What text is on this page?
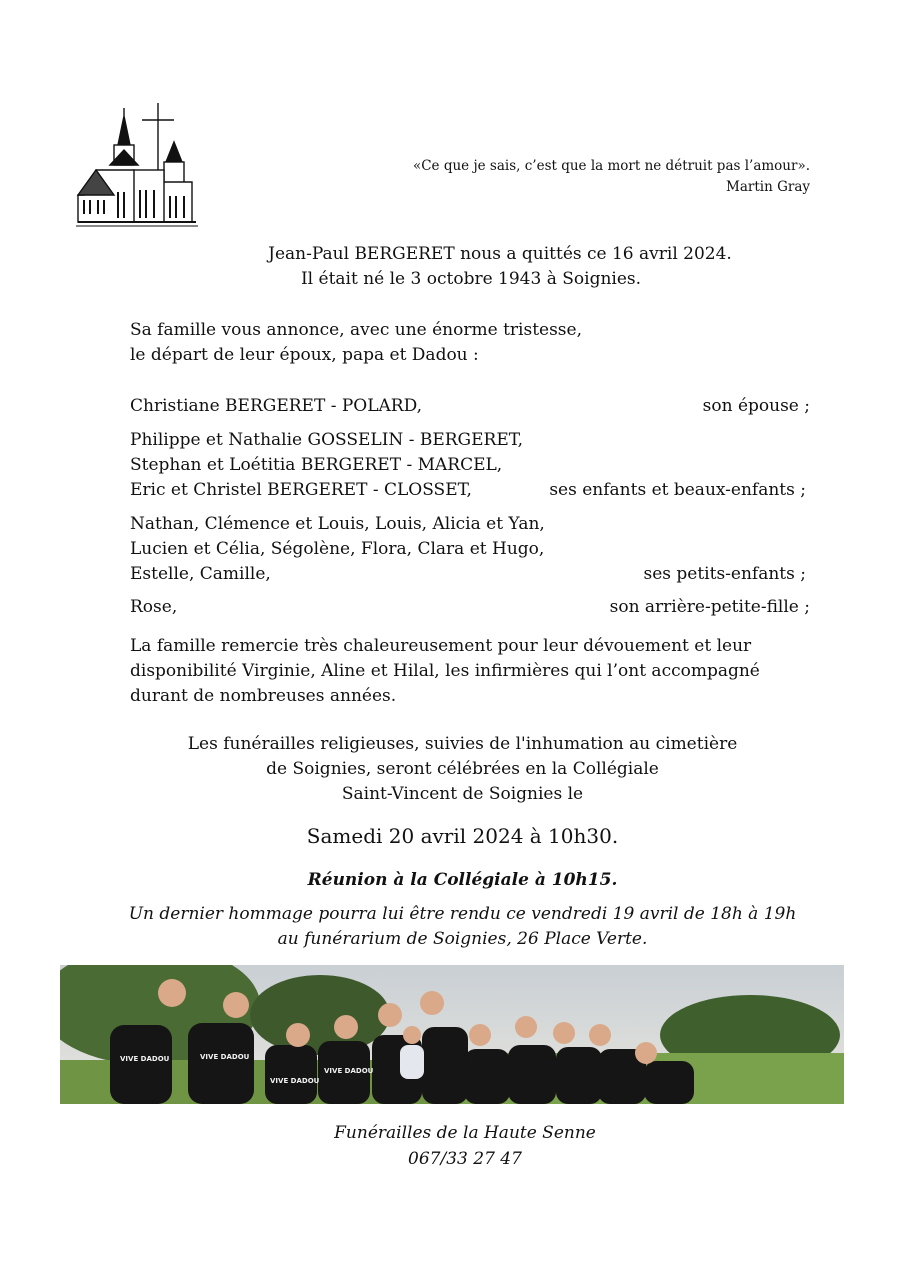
«Ce que je sais, c’est que la mort ne détruit pas l’amour».
Martin Gray
Jean-Paul BERGERET nous a quittés ce 16 avril 2024.
Il était né le 3 octobre 1943 à Soignies.
Sa famille vous annonce, avec une énorme tristesse,
le départ de leur époux, papa et Dadou :
Christiane BERGERET - POLARD,	son épouse ;
Philippe et Nathalie GOSSELIN - BERGERET,
Stephan et Loétitia BERGERET - MARCEL,
Eric et Christel BERGERET - CLOSSET,	ses enfants et beaux-enfants ;
Nathan, Clémence et Louis, Louis, Alicia et Yan,
Lucien et Célia, Ségolène, Flora, Clara et Hugo,
Estelle, Camille,	ses petits-enfants ;
Rose,	son arrière-petite-fille ;
La famille remercie très chaleureusement pour leur dévouement et leur
disponibilité Virginie, Aline et Hilal, les infirmières qui l’ont accompagné
durant de nombreuses années.
Les funérailles religieuses, suivies de l'inhumation au cimetière
de Soignies, seront célébrées en la Collégiale
Saint-Vincent de Soignies le
Samedi 20 avril 2024 à 10h30.
Réunion à la Collégiale à 10h15.
Un dernier hommage pourra lui être rendu ce vendredi 19 avril de 18h à 19h
au funérarium de Soignies, 26 Place Verte.
VIVE DADOU	VIVE DADOU
VIVE DADOU
VIVE DADOU
Funérailles de la Haute Senne
067/33 27 47
